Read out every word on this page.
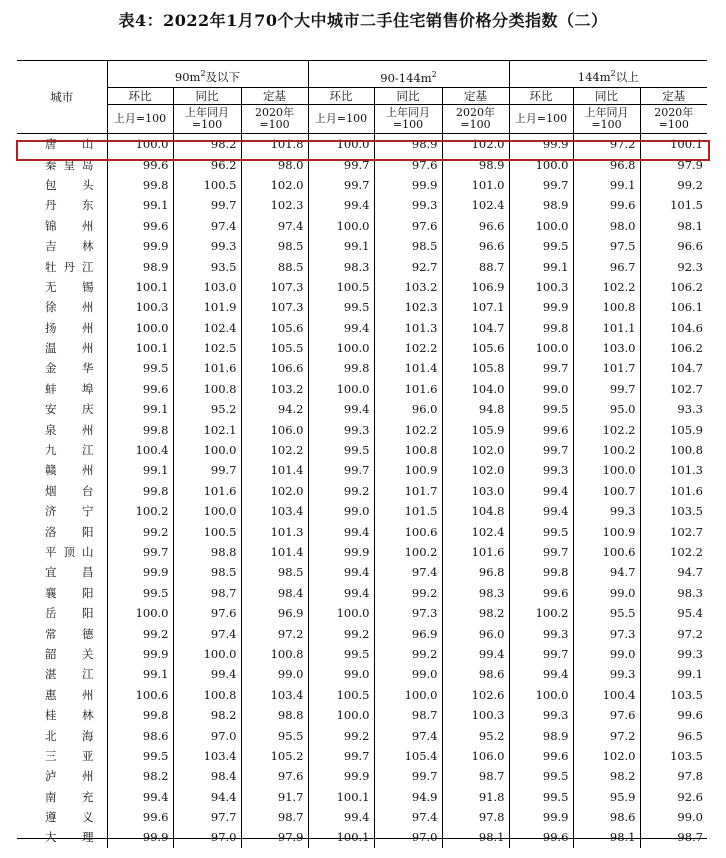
表4：2022年1月70个大中城市二手住宅销售价格分类指数（二）
城市	$90m^2$及以下			$90-144m^2$			$144m^2$以上		
	环比	同比	定基	环比	同比	定基	环比	同比	定基
	上月=100	上年同月=100	2020年=100	上月=100	上年同月=100	2020年=100	上月=100	上年同月=100	2020年=100
唐 山	100.0	98.2	101.8	100.0	98.9	102.0	99.9	97.2	100.1
秦皇岛	99.6	96.2	98.0	99.7	97.6	98.9	100.0	96.8	97.9
包 头	99.8	100.5	102.0	99.7	99.9	101.0	99.7	99.1	99.2
丹 东	99.1	99.7	102.3	99.4	99.3	102.4	98.9	99.6	101.5
锦 州	99.6	97.4	97.4	100.0	97.6	96.6	100.0	98.0	98.1
吉 林	99.9	99.3	98.5	99.1	98.5	96.6	99.5	97.5	96.6
牡丹江	98.9	93.5	88.5	98.3	92.7	88.7	99.1	96.7	92.3
无 锡	100.1	103.0	107.3	100.5	103.2	106.9	100.3	102.2	106.2
徐 州	100.3	101.9	107.3	99.5	102.3	107.1	99.9	100.8	106.1
扬 州	100.0	102.4	105.6	99.4	101.3	104.7	99.8	101.1	104.6
温 州	100.1	102.5	105.5	100.0	102.2	105.6	100.0	103.0	106.2
金 华	99.5	101.6	106.6	99.8	101.4	105.8	99.7	101.7	104.7
蚌 埠	99.6	100.8	103.2	100.0	101.6	104.0	99.0	99.7	102.7
安 庆	99.1	95.2	94.2	99.4	96.0	94.8	99.5	95.0	93.3
泉 州	99.8	102.1	106.0	99.3	102.2	105.9	99.6	102.2	105.9
九 江	100.4	100.0	102.2	99.5	100.8	102.0	99.7	100.2	100.8
赣 州	99.1	99.7	101.4	99.7	100.9	102.0	99.3	100.0	101.3
烟 台	99.8	101.6	102.0	99.2	101.7	103.0	99.4	100.7	101.6
济 宁	100.2	100.0	103.4	99.0	101.5	104.8	99.4	99.3	103.5
洛 阳	99.2	100.5	101.3	99.4	100.6	102.4	99.5	100.9	102.7
平顶山	99.7	98.8	101.4	99.9	100.2	101.6	99.7	100.6	102.2
宜 昌	99.9	98.5	98.5	99.4	97.4	96.8	99.8	94.7	94.7
襄 阳	99.5	98.7	98.4	99.4	99.2	98.3	99.6	99.0	98.3
岳 阳	100.0	97.6	96.9	100.0	97.3	98.2	100.2	95.5	95.4
常 德	99.2	97.4	97.2	99.2	96.9	96.0	99.3	97.3	97.2
韶 关	99.9	100.0	100.8	99.5	99.2	99.4	99.7	99.0	99.3
湛 江	99.1	99.4	99.0	99.0	99.0	98.6	99.4	99.3	99.1
惠 州	100.6	100.8	103.4	100.5	100.0	102.6	100.0	100.4	103.5
桂 林	99.8	98.2	98.8	100.0	98.7	100.3	99.3	97.6	99.6
北 海	98.6	97.0	95.5	99.2	97.4	95.2	98.9	97.2	96.5
三 亚	99.5	103.4	105.2	99.7	105.4	106.0	99.6	102.0	103.5
泸 州	98.2	98.4	97.6	99.9	99.7	98.7	99.5	98.2	97.8
南 充	99.4	94.4	91.7	100.1	94.9	91.8	99.5	95.9	92.6
遵 义	99.6	97.7	98.7	99.4	97.4	97.8	99.9	98.6	99.0
大 理	99.9	97.0	97.9	100.1	97.0	98.1	99.6	98.1	98.7
